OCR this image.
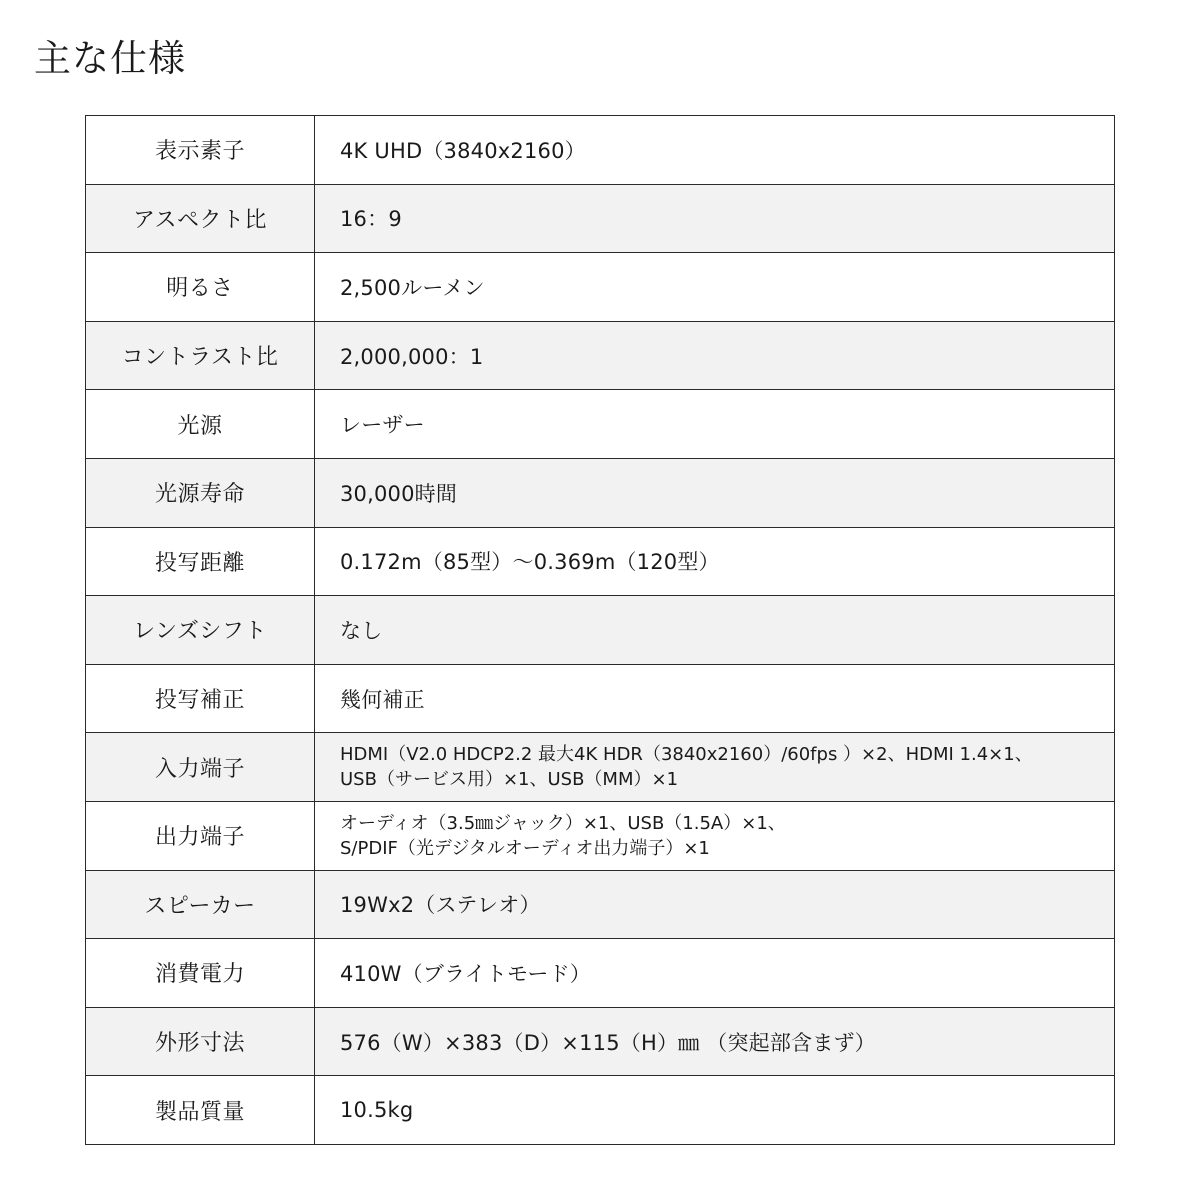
主な仕様
表示素子	4K UHD（3840x2160）

アスペクト比	16：9

明るさ	2,500ルーメン

コントラスト比	2,000,000：1

光源	レーザー

光源寿命	30,000時間

投写距離	0.172m（85型）～0.369m（120型）

レンズシフト	なし

投写補正	幾何補正

入力端子	HDMI（V2.0 HDCP2.2 最大4K HDR（3840x2160）/60fps ）×2、HDMI 1.4×1、
USB（サービス用）×1、USB（MM）×1

出力端子	オーディオ（3.5㎜ジャック）×1、USB（1.5A）×1、
S/PDIF（光デジタルオーディオ出力端子）×1

スピーカー	19Wx2（ステレオ）

消費電力	410W（ブライトモード）

外形寸法	576（W）×383（D）×115（H）㎜ （突起部含まず）

製品質量	10.5kg
